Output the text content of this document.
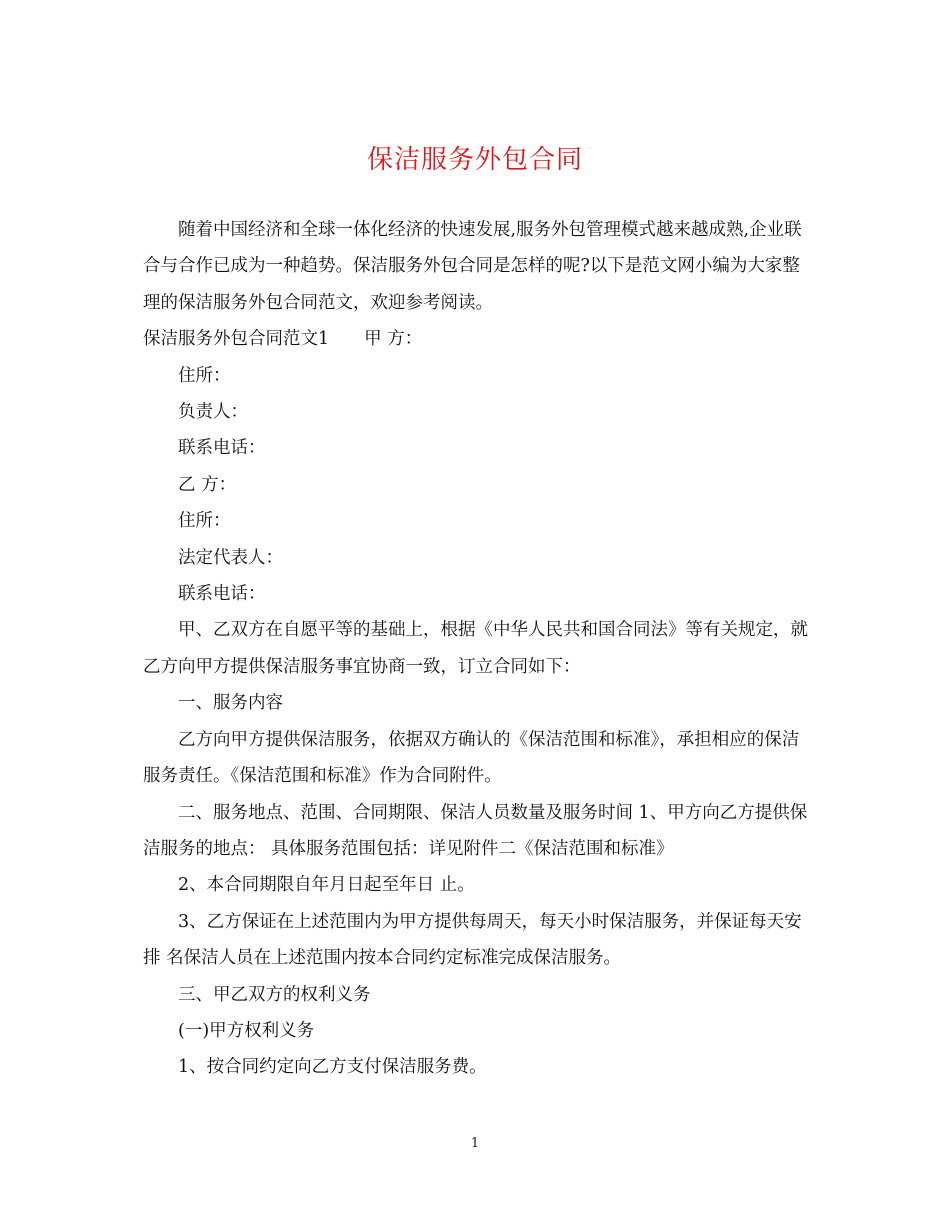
保洁服务外包合同

随着中国经济和全球一体化经济的快速发展,服务外包管理模式越来越成熟,企业联合与合作已成为一种趋势。保洁服务外包合同是怎样的呢?以下是范文网小编为大家整理的保洁服务外包合同范文，欢迎参考阅读。

保洁服务外包合同范文1　　甲 方：

住所：

负责人：

联系电话：

乙 方：

住所：

法定代表人：

联系电话：

甲、乙双方在自愿平等的基础上，根据《中华人民共和国合同法》等有关规定，就乙方向甲方提供保洁服务事宜协商一致，订立合同如下：

一、服务内容

乙方向甲方提供保洁服务，依据双方确认的《保洁范围和标准》，承担相应的保洁服务责任。《保洁范围和标准》作为合同附件。

二、服务地点、范围、合同期限、保洁人员数量及服务时间 1、甲方向乙方提供保洁服务的地点： 具体服务范围包括：详见附件二《保洁范围和标准》

2、本合同期限自年月日起至年日 止。

3、乙方保证在上述范围内为甲方提供每周天，每天小时保洁服务，并保证每天安排 名保洁人员在上述范围内按本合同约定标准完成保洁服务。

三、甲乙双方的权利义务

(一)甲方权利义务

1、按合同约定向乙方支付保洁服务费。

1
